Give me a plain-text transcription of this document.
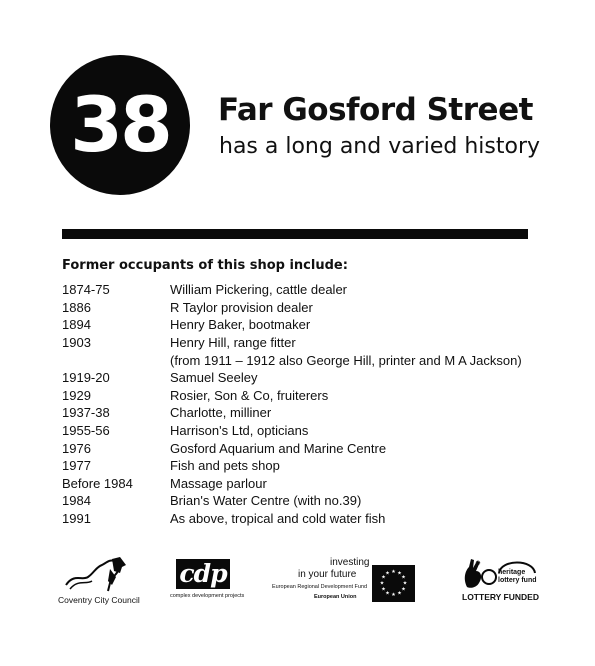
38 Far Gosford Street
has a long and varied history
Former occupants of this shop include:
1874-75	William Pickering, cattle dealer
1886	R Taylor provision dealer
1894	Henry Baker, bootmaker
1903	Henry Hill, range fitter
(from 1911 – 1912 also George Hill, printer and M A Jackson)
1919-20	Samuel Seeley
1929	Rosier, Son & Co, fruiterers
1937-38	Charlotte, milliner
1955-56	Harrison's Ltd, opticians
1976	Gosford Aquarium and Marine Centre
1977	Fish and pets shop
Before 1984	Massage parlour
1984	Brian's Water Centre (with no.39)
1991	As above, tropical and cold water fish
Coventry City Council
cdp
complex development projects
investing
in your future
European Regional Development Fund
European Union
★ ★
★
★
★
★
★
★
★
★
★
★
®
heritage
lottery fund
LOTTERY FUNDED
